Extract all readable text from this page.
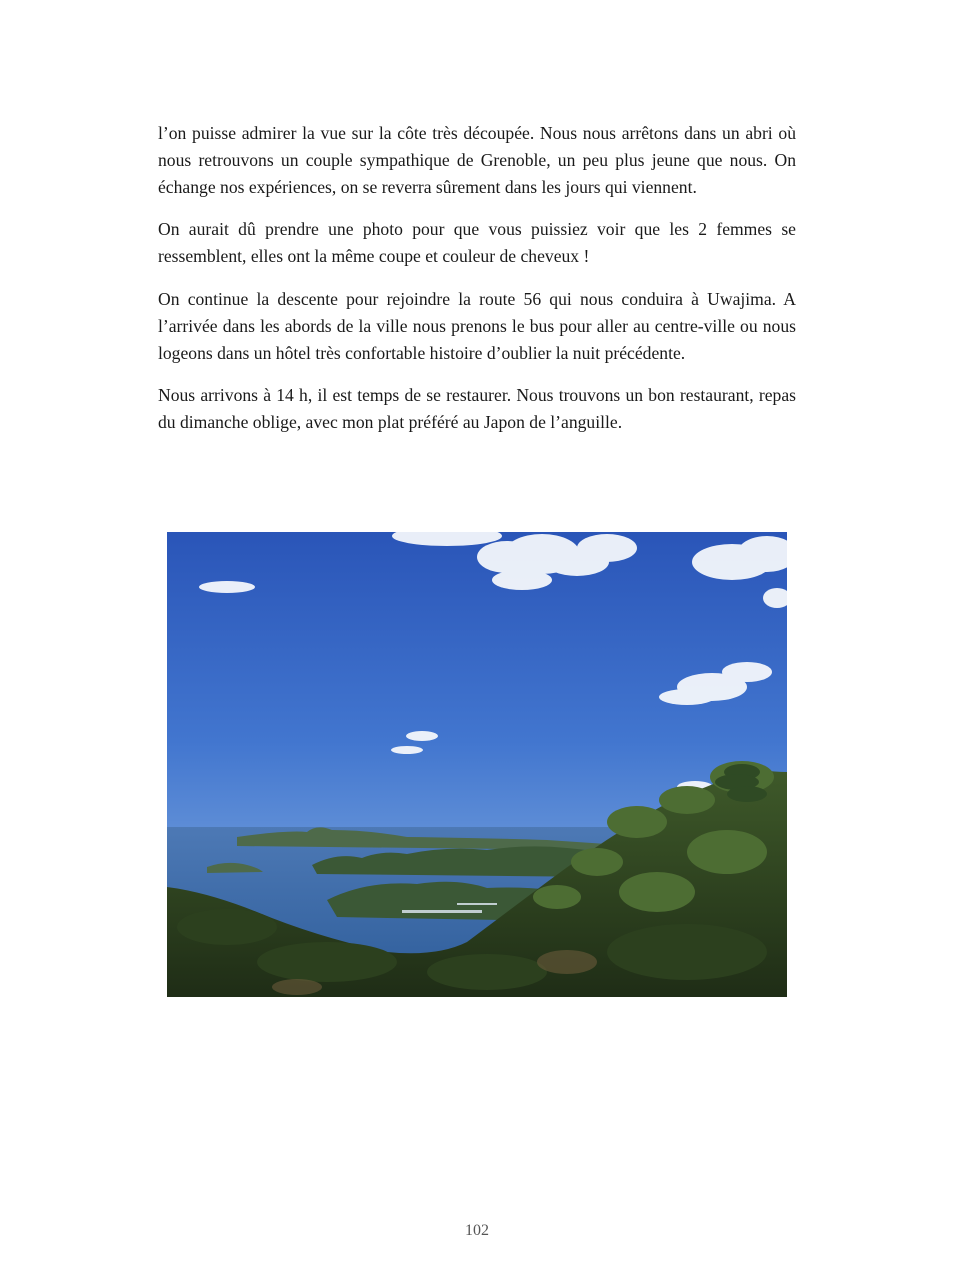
l’on puisse admirer la vue sur la côte très découpée. Nous nous arrêtons dans un abri où nous retrouvons un couple sympathique de Grenoble, un peu plus jeune que nous. On échange nos expériences, on se reverra sûrement dans les jours qui viennent.

On aurait dû prendre une photo pour que vous puissiez voir que les 2 femmes se ressemblent, elles ont la même coupe et couleur de cheveux !

On continue la descente pour rejoindre la route 56 qui nous conduira à Uwajima. A l’arrivée dans les abords de la ville nous prenons le bus pour aller au centre-ville ou nous logeons dans un hôtel très confortable histoire d’oublier la nuit précédente.

Nous arrivons à 14 h, il est temps de se restaurer. Nous trouvons un bon restaurant, repas du dimanche oblige, avec mon plat préféré au Japon de l’anguille.

102
